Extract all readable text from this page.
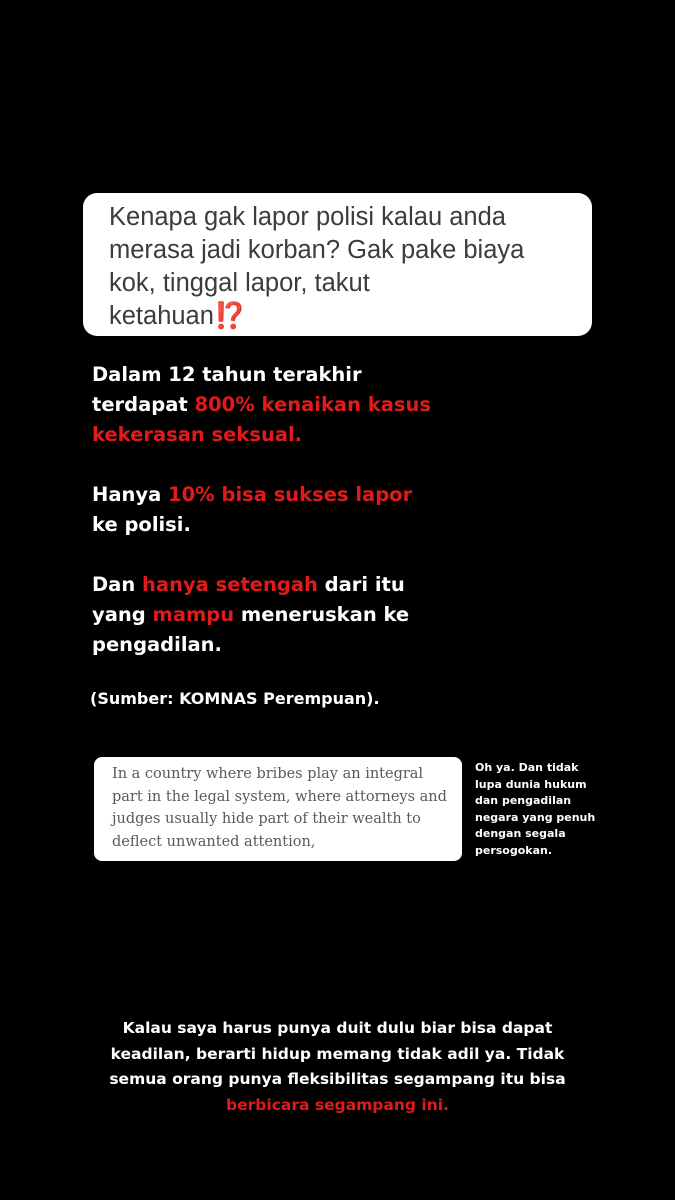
Kenapa gak lapor polisi kalau anda
merasa jadi korban? Gak pake biaya
kok, tinggal lapor, takut
ketahuan⁉️

Dalam 12 tahun terakhir
terdapat 800% kenaikan kasus
kekerasan seksual.

Hanya 10% bisa sukses lapor
ke polisi.

Dan hanya setengah dari itu
yang mampu meneruskan ke
pengadilan.

(Sumber: KOMNAS Perempuan).

In a country where bribes play an integral
part in the legal system, where attorneys and
judges usually hide part of their wealth to
deflect unwanted attention,

Oh ya. Dan tidak
lupa dunia hukum
dan pengadilan
negara yang penuh
dengan segala
persogokan.

Kalau saya harus punya duit dulu biar bisa dapat
keadilan, berarti hidup memang tidak adil ya. Tidak
semua orang punya fleksibilitas segampang itu bisa
berbicara segampang ini.
